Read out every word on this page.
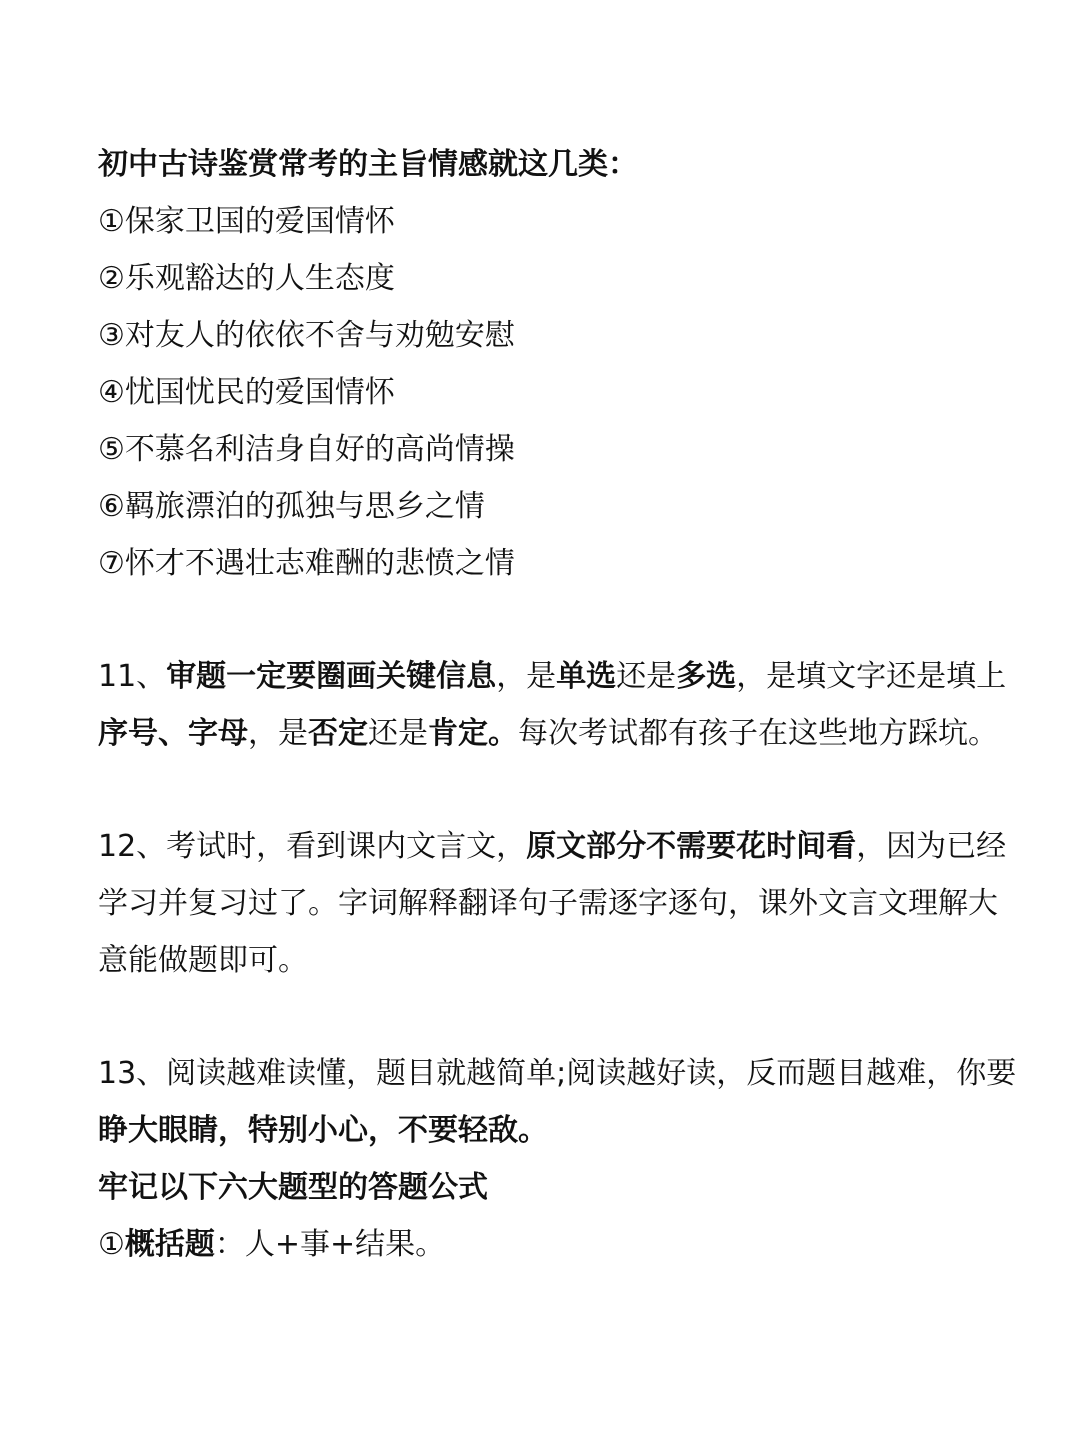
初中古诗鉴赏常考的主旨情感就这几类：
①保家卫国的爱国情怀
②乐观豁达的人生态度
③对友人的依依不舍与劝勉安慰
④忧国忧民的爱国情怀
⑤不慕名利洁身自好的高尚情操
⑥羁旅漂泊的孤独与思乡之情
⑦怀才不遇壮志难酬的悲愤之情
11、审题一定要圈画关键信息，是单选还是多选，是填文字还是填上
序号、字母，是否定还是肯定。每次考试都有孩子在这些地方踩坑。
12、考试时，看到课内文言文，原文部分不需要花时间看，因为已经
学习并复习过了。字词解释翻译句子需逐字逐句，课外文言文理解大
意能做题即可。
13、阅读越难读懂，题目就越简单;阅读越好读，反而题目越难，你要
睁大眼睛，特别小心，不要轻敌。
牢记以下六大题型的答题公式
①概括题：人+事+结果。
